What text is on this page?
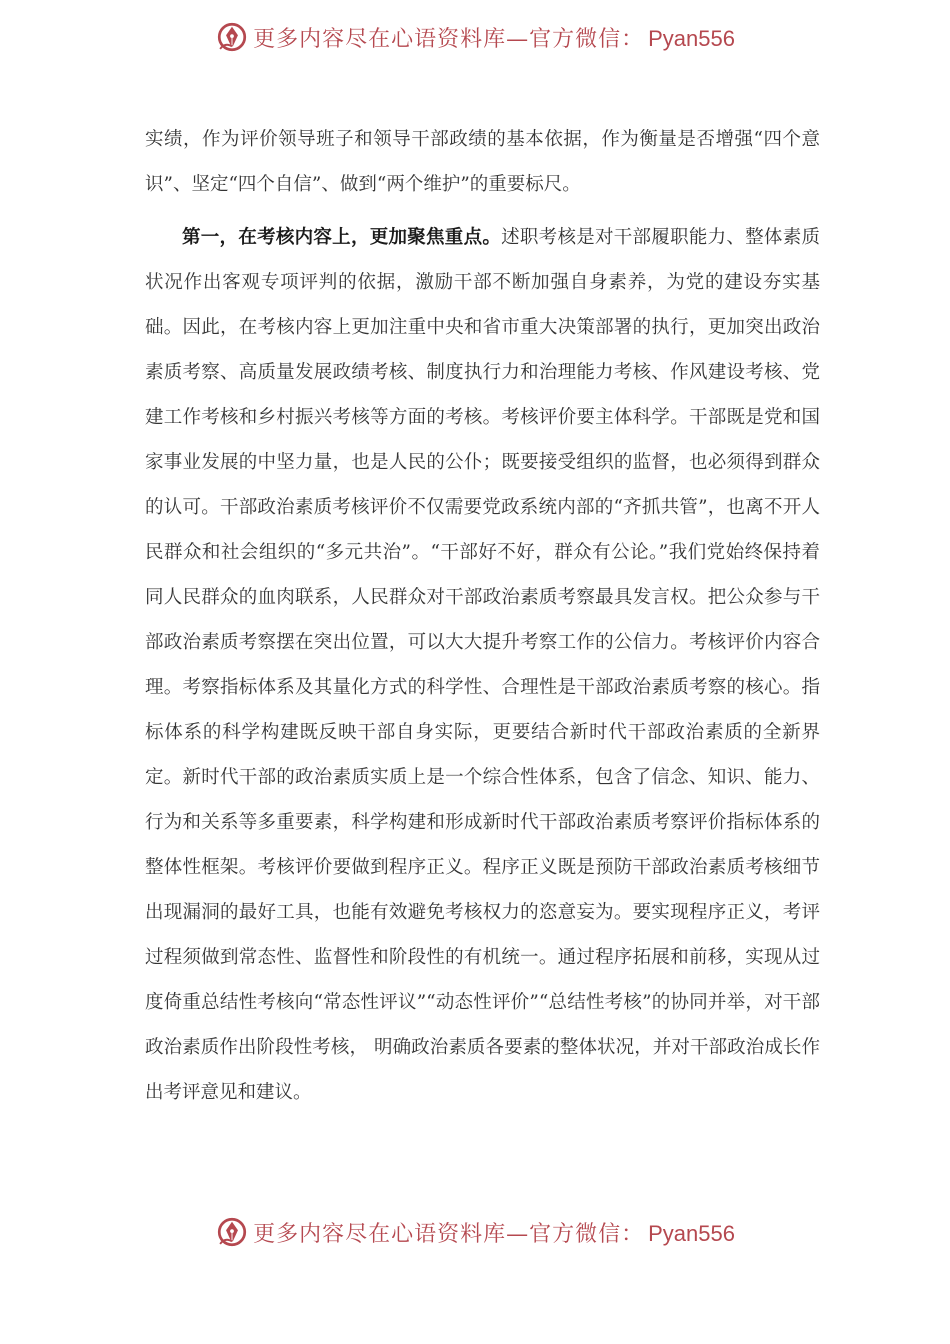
更多内容尽在心语资料库—官方微信： Pyan556

实绩，作为评价领导班子和领导干部政绩的基本依据，作为衡量是否增强“四个意识”、坚定“四个自信”、做到“两个维护”的重要标尺。

第一，在考核内容上，更加聚焦重点。述职考核是对干部履职能力、整体素质状况作出客观专项评判的依据，激励干部不断加强自身素养，为党的建设夯实基础。因此，在考核内容上更加注重中央和省市重大决策部署的执行，更加突出政治素质考察、高质量发展政绩考核、制度执行力和治理能力考核、作风建设考核、党建工作考核和乡村振兴考核等方面的考核。考核评价要主体科学。干部既是党和国家事业发展的中坚力量，也是人民的公仆；既要接受组织的监督，也必须得到群众的认可。干部政治素质考核评价不仅需要党政系统内部的“齐抓共管”，也离不开人民群众和社会组织的“多元共治”。“干部好不好，群众有公论。”我们党始终保持着同人民群众的血肉联系，人民群众对干部政治素质考察最具发言权。把公众参与干部政治素质考察摆在突出位置，可以大大提升考察工作的公信力。考核评价内容合理。考察指标体系及其量化方式的科学性、合理性是干部政治素质考察的核心。指标体系的科学构建既反映干部自身实际，更要结合新时代干部政治素质的全新界定。新时代干部的政治素质实质上是一个综合性体系，包含了信念、知识、能力、行为和关系等多重要素，科学构建和形成新时代干部政治素质考察评价指标体系的整体性框架。考核评价要做到程序正义。程序正义既是预防干部政治素质考核细节出现漏洞的最好工具，也能有效避免考核权力的恣意妄为。要实现程序正义，考评过程须做到常态性、监督性和阶段性的有机统一。通过程序拓展和前移，实现从过度倚重总结性考核向“常态性评议”“动态性评价”“总结性考核”的协同并举，对干部政治素质作出阶段性考核， 明确政治素质各要素的整体状况，并对干部政治成长作出考评意见和建议。

更多内容尽在心语资料库—官方微信： Pyan556
